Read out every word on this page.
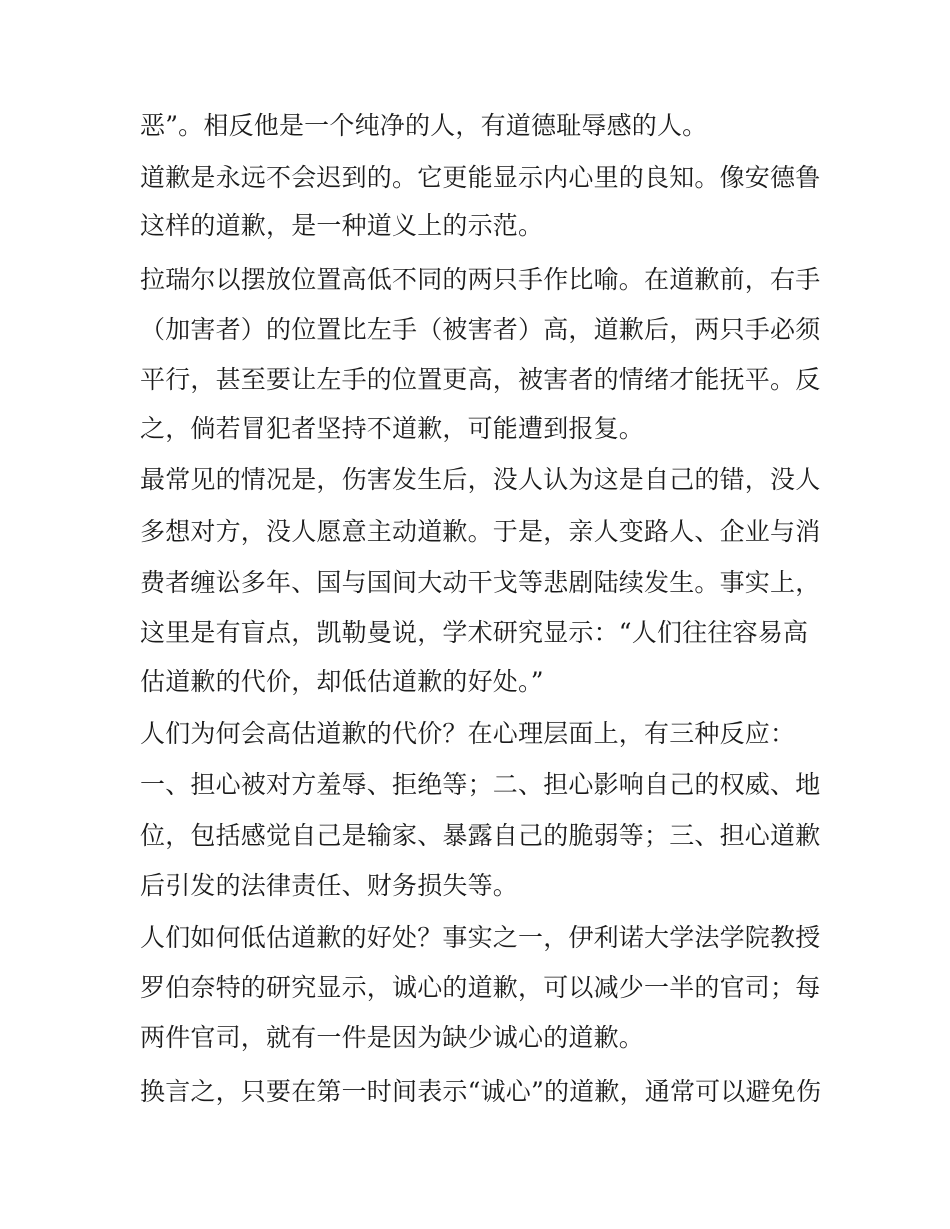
恶”。相反他是一个纯净的人，有道德耻辱感的人。
道歉是永远不会迟到的。它更能显示内心里的良知。像安德鲁
这样的道歉，是一种道义上的示范。
拉瑞尔以摆放位置高低不同的两只手作比喻。在道歉前，右手
（加害者）的位置比左手（被害者）高，道歉后，两只手必须
平行，甚至要让左手的位置更高，被害者的情绪才能抚平。反
之，倘若冒犯者坚持不道歉，可能遭到报复。
最常见的情况是，伤害发生后，没人认为这是自己的错，没人
多想对方，没人愿意主动道歉。于是，亲人变路人、企业与消
费者缠讼多年、国与国间大动干戈等悲剧陆续发生。事实上，
这里是有盲点，凯勒曼说，学术研究显示：“人们往往容易高
估道歉的代价，却低估道歉的好处。”
人们为何会高估道歉的代价？在心理层面上，有三种反应：
一、担心被对方羞辱、拒绝等；二、担心影响自己的权威、地
位，包括感觉自己是输家、暴露自己的脆弱等；三、担心道歉
后引发的法律责任、财务损失等。
人们如何低估道歉的好处？事实之一，伊利诺大学法学院教授
罗伯奈特的研究显示，诚心的道歉，可以减少一半的官司；每
两件官司，就有一件是因为缺少诚心的道歉。
换言之，只要在第一时间表示“诚心”的道歉，通常可以避免伤
